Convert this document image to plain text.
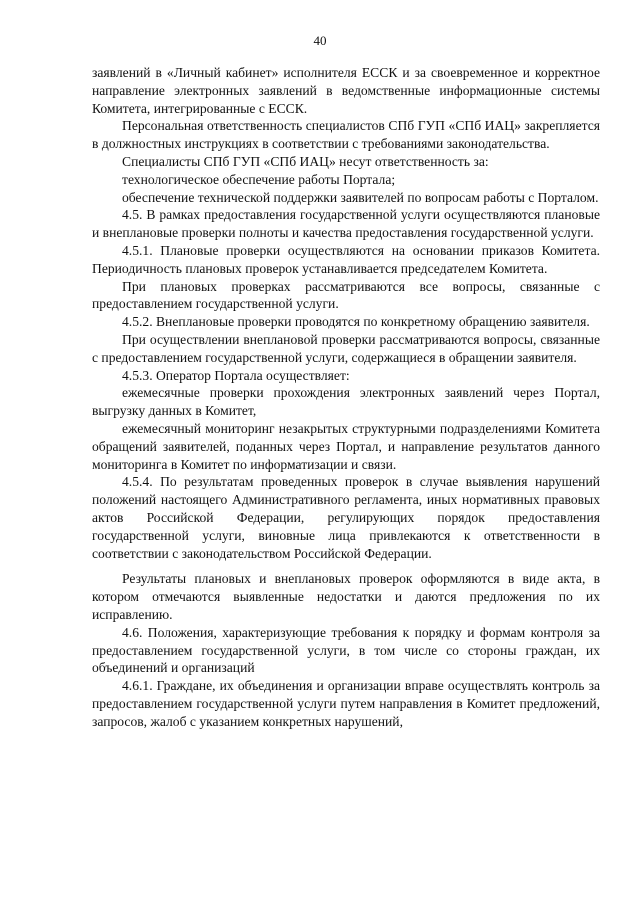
40

заявлений в «Личный кабинет» исполнителя ЕССК и за своевременное и корректное направление электронных заявлений в ведомственные информационные системы Комитета, интегрированные с ЕССК.

Персональная ответственность специалистов СПб ГУП «СПб ИАЦ» закрепляется в должностных инструкциях в соответствии с требованиями законодательства.

Специалисты СПб ГУП «СПб ИАЦ» несут ответственность за:

технологическое обеспечение работы Портала;

обеспечение технической поддержки заявителей по вопросам работы с Порталом.

4.5. В рамках предоставления государственной услуги осуществляются плановые и внеплановые проверки полноты и качества предоставления государственной услуги.

4.5.1. Плановые проверки осуществляются на основании приказов Комитета. Периодичность плановых проверок устанавливается председателем Комитета.

При плановых проверках рассматриваются все вопросы, связанные с предоставлением государственной услуги.

4.5.2. Внеплановые проверки проводятся по конкретному обращению заявителя.

При осуществлении внеплановой проверки рассматриваются вопросы, связанные с предоставлением государственной услуги, содержащиеся в обращении заявителя.

4.5.3. Оператор Портала осуществляет:

ежемесячные проверки прохождения электронных заявлений через Портал, выгрузку данных в Комитет,

ежемесячный мониторинг незакрытых структурными подразделениями Комитета обращений заявителей, поданных через Портал, и направление результатов данного мониторинга в Комитет по информатизации и связи.

4.5.4. По результатам проведенных проверок в случае выявления нарушений положений настоящего Административного регламента, иных нормативных правовых актов Российской Федерации, регулирующих порядок предоставления государственной услуги, виновные лица привлекаются к ответственности в соответствии с законодательством Российской Федерации.

Результаты плановых и внеплановых проверок оформляются в виде акта, в котором отмечаются выявленные недостатки и даются предложения по их исправлению.

4.6. Положения, характеризующие требования к порядку и формам контроля за предоставлением государственной услуги, в том числе со стороны граждан, их объединений и организаций

4.6.1. Граждане, их объединения и организации вправе осуществлять контроль за предоставлением государственной услуги путем направления в Комитет предложений, запросов, жалоб с указанием конкретных нарушений,
